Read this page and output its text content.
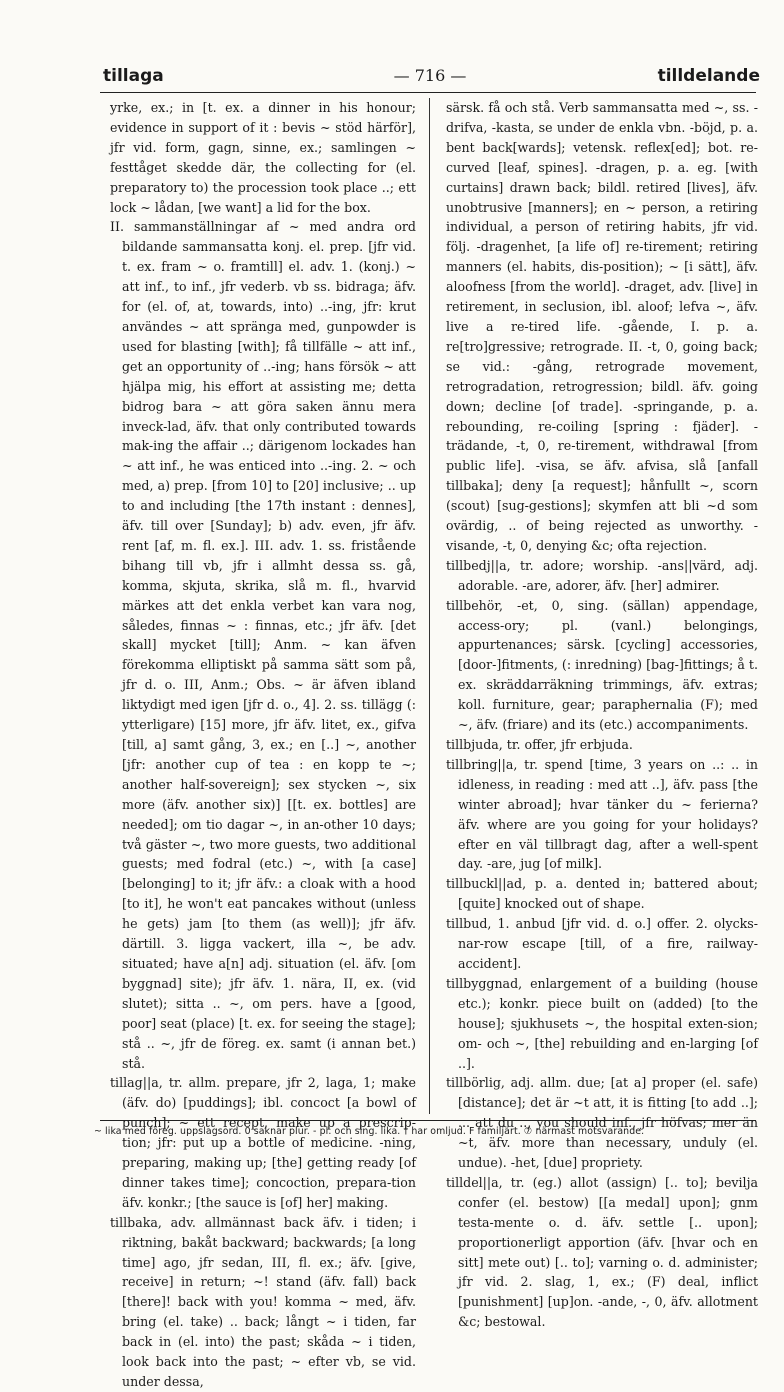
tillaga	— 716 —	tilldelande

yrke, ex.; in [t. ex. a dinner in his honour; evidence in support of it : bevis ~ stöd härför], jfr vid. form, gagn, sinne, ex.; samlingen ~ festtåget skedde där, the collecting for (el. preparatory to) the procession took place ..; ett lock ~ lådan, [we want] a lid for the box.

II. sammanställningar af ~ med andra ord bildande sammansatta konj. el. prep. [jfr vid. t. ex. fram ~ o. framtill] el. adv. 1. (konj.) ~ att inf., to inf., jfr vederb. vb ss. bidraga; äfv. for (el. of, at, towards, into) ..-ing, jfr: krut användes ~ att spränga med, gunpowder is used for blasting [with]; få tillfälle ~ att inf., get an opportunity of ..-ing; hans försök ~ att hjälpa mig, his effort at assisting me; detta bidrog bara ~ att göra saken ännu mera inveck-lad, äfv. that only contributed towards mak-ing the affair ..; därigenom lockades han ~ att inf., he was enticed into ..-ing. 2. ~ och med, a) prep. [from 10] to [20] inclusive; .. up to and including [the 17th instant : dennes], äfv. till over [Sunday]; b) adv. even, jfr äfv. rent [af, m. fl. ex.]. III. adv. 1. ss. fristående bihang till vb, jfr i allmht dessa ss. gå, komma, skjuta, skrika, slå m. fl., hvarvid märkes att det enkla verbet kan vara nog, således, finnas ~ : finnas, etc.; jfr äfv. [det skall] mycket [till]; Anm. ~ kan äfven förekomma elliptiskt på samma sätt som på, jfr d. o. III, Anm.; Obs. ~ är äfven ibland liktydigt med igen [jfr d. o., 4]. 2. ss. tillägg (: ytterligare) [15] more, jfr äfv. litet, ex., gifva [till, a] samt gång, 3, ex.; en [..] ~, another [jfr: another cup of tea : en kopp te ~; another half-sovereign]; sex stycken ~, six more (äfv. another six)] [[t. ex. bottles] are needed]; om tio dagar ~, in an-other 10 days; två gäster ~, two more guests, two additional guests; med fodral (etc.) ~, with [a case] [belonging] to it; jfr äfv.: a cloak with a hood [to it], he won't eat pancakes without (unless he gets) jam [to them (as well)]; jfr äfv. därtill. 3. ligga vackert, illa ~, be adv. situated; have a[n] adj. situation (el. äfv. [om byggnad] site); jfr äfv. 1. nära, II, ex. (vid slutet); sitta .. ~, om pers. have a [good, poor] seat (place) [t. ex. for seeing the stage]; stå .. ~, jfr de föreg. ex. samt (i annan bet.) stå.

tillag||a, tr. allm. prepare, jfr 2, laga, 1; make (äfv. do) [puddings]; ibl. concoct [a bowl of punch]; ~ ett recept, make up a prescrip-tion; jfr: put up a bottle of medicine. -ning, preparing, making up; [the] getting ready [of dinner takes time]; concoction, prepara-tion äfv. konkr.; [the sauce is [of] her] making.

tillbaka, adv. allmännast back äfv. i tiden; i riktning, bakåt backward; backwards; [a long time] ago, jfr sedan, III, fl. ex.; äfv. [give, receive] in return; ~! stand (äfv. fall) back [there]! back with you! komma ~ med, äfv. bring (el. take) .. back; långt ~ i tiden, far back in (el. into) the past; skåda ~ i tiden, look back into the past; ~ efter vb, se vid. under dessa,

särsk. få och stå. Verb sammansatta med ~, ss. -drifva, -kasta, se under de enkla vbn. -böjd, p. a. bent back[wards]; vetensk. reflex[ed]; bot. re-curved [leaf, spines]. -dragen, p. a. eg. [with curtains] drawn back; bildl. retired [lives], äfv. unobtrusive [manners]; en ~ person, a retiring individual, a person of retiring habits, jfr vid. följ. -dragenhet, [a life of] re-tirement; retiring manners (el. habits, dis-position); ~ [i sätt], äfv. aloofness [from the world]. -draget, adv. [live] in retirement, in seclusion, ibl. aloof; lefva ~, äfv. live a re-tired life. -gående, I. p. a. re[tro]gressive; retrograde. II. -t, 0, going back; se vid.: -gång, retrograde movement, retrogradation, retrogression; bildl. äfv. going down; decline [of trade]. -springande, p. a. rebounding, re-coiling [spring : fjäder]. -trädande, -t, 0, re-tirement, withdrawal [from public life]. -visa, se äfv. afvisa, slå [anfall tillbaka]; deny [a request]; hånfullt ~, scorn (scout) [sug-gestions]; skymfen att bli ~d som ovärdig, .. of being rejected as unworthy. -visande, -t, 0, denying &c; ofta rejection.

tillbedj||a, tr. adore; worship. -ans||värd, adj. adorable. -are, adorer, äfv. [her] admirer.

tillbehör, -et, 0, sing. (sällan) appendage, access-ory; pl. (vanl.) belongings, appurtenances; särsk. [cycling] accessories, [door-]fitments, (: inredning) [bag-]fittings; å t. ex. skräddarräkning trimmings, äfv. extras; koll. furniture, gear; paraphernalia (F); med ~, äfv. (friare) and its (etc.) accompaniments.

tillbjuda, tr. offer, jfr erbjuda.

tillbring||a, tr. spend [time, 3 years on ..: .. in idleness, in reading : med att ..], äfv. pass [the winter abroad]; hvar tänker du ~ ferierna? äfv. where are you going for your holidays? efter en väl tillbragt dag, after a well-spent day. -are, jug [of milk].

tillbuckl||ad, p. a. dented in; battered about; [quite] knocked out of shape.

tillbud, 1. anbud [jfr vid. d. o.] offer. 2. olycks- nar-row escape [till, of a fire, railway-accident].

tillbyggnad, enlargement of a building (house etc.); konkr. piece built on (added) [to the house]; sjukhusets ~, the hospital exten-sion; om- och ~, [the] rebuilding and en-larging [of ..].

tillbörlig, adj. allm. due; [at a] proper (el. safe) [distance]; det är ~t att, it is fitting [to add ..]; ... att du .., you should inf., jfr höfvas; mer än ~t, äfv. more than necessary, unduly (el. undue). -het, [due] propriety.

tilldel||a, tr. (eg.) allot (assign) [.. to]; bevilja confer (el. bestow) [[a medal] upon]; gnm testa-mente o. d. äfv. settle [.. upon]; proportionerligt apportion (äfv. [hvar och en sitt] mete out) [.. to]; varning o. d. administer; jfr vid. 2. slag, 1, ex.; (F) deal, inflict [punishment] [up]on. -ande, -, 0, äfv. allotment &c; bestowal.

~ lika med föreg. uppslagsord. 0 saknar plur. - pl. och sing. lika. † har omljud. F familjärt. ⑦ närmast motsvarande.
